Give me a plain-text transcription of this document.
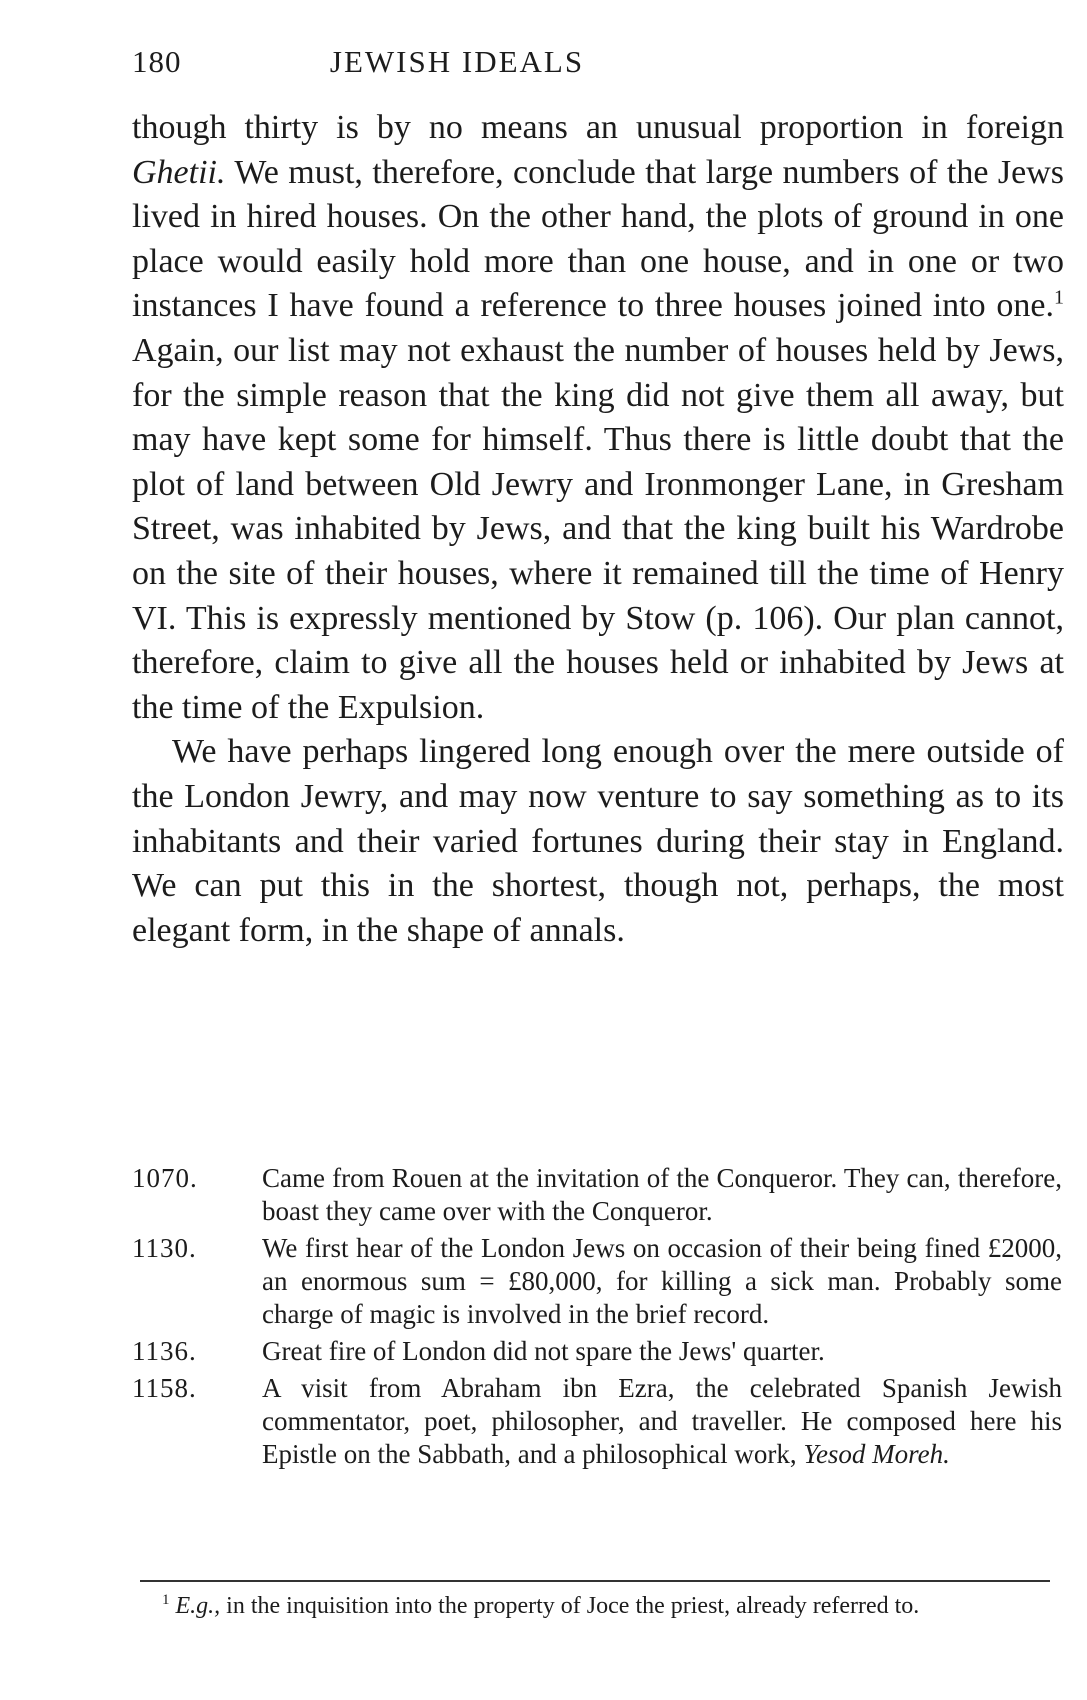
180	JEWISH IDEALS

though thirty is by no means an unusual proportion in foreign Ghetii. We must, therefore, conclude that large numbers of the Jews lived in hired houses. On the other hand, the plots of ground in one place would easily hold more than one house, and in one or two instances I have found a reference to three houses joined into one.$^1$ Again, our list may not exhaust the number of houses held by Jews, for the simple reason that the king did not give them all away, but may have kept some for himself. Thus there is little doubt that the plot of land between Old Jewry and Ironmonger Lane, in Gresham Street, was inhabited by Jews, and that the king built his Wardrobe on the site of their houses, where it remained till the time of Henry VI. This is expressly mentioned by Stow (p. 106). Our plan cannot, therefore, claim to give all the houses held or inhabited by Jews at the time of the Expulsion.

We have perhaps lingered long enough over the mere outside of the London Jewry, and may now venture to say something as to its inhabitants and their varied fortunes during their stay in England. We can put this in the shortest, though not, perhaps, the most elegant form, in the shape of annals.

1070.	Came from Rouen at the invitation of the Conqueror. They can, therefore, boast they came over with the Conqueror.
1130.	We first hear of the London Jews on occasion of their being fined £2000, an enormous sum = £80,000, for killing a sick man. Probably some charge of magic is involved in the brief record.
1136.	Great fire of London did not spare the Jews' quarter.
1158.	A visit from Abraham ibn Ezra, the celebrated Spanish Jewish commentator, poet, philosopher, and traveller. He composed here his Epistle on the Sabbath, and a philosophical work, Yesod Moreh.
$^1$ E.g., in the inquisition into the property of Joce the priest, already referred to.
